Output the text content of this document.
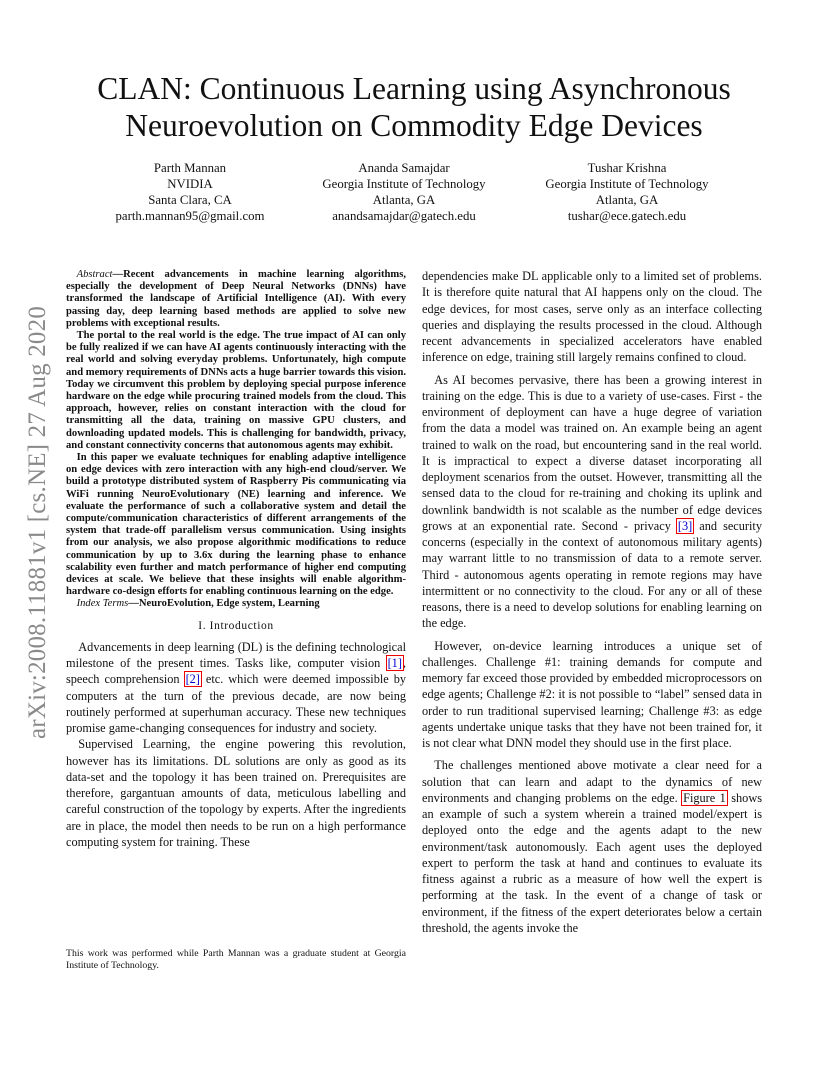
CLAN: Continuous Learning using Asynchronous Neuroevolution on Commodity Edge Devices
Parth Mannan
NVIDIA
Santa Clara, CA
parth.mannan95@gmail.com
Ananda Samajdar
Georgia Institute of Technology
Atlanta, GA
anandsamajdar@gatech.edu
Tushar Krishna
Georgia Institute of Technology
Atlanta, GA
tushar@ece.gatech.edu
arXiv:2008.11881v1 [cs.NE] 27 Aug 2020

Abstract—Recent advancements in machine learning algorithms, especially the development of Deep Neural Networks (DNNs) have transformed the landscape of Artificial Intelligence (AI). With every passing day, deep learning based methods are applied to solve new problems with exceptional results.

The portal to the real world is the edge. The true impact of AI can only be fully realized if we can have AI agents continuously interacting with the real world and solving everyday problems. Unfortunately, high compute and memory requirements of DNNs acts a huge barrier towards this vision. Today we circumvent this problem by deploying special purpose inference hardware on the edge while procuring trained models from the cloud. This approach, however, relies on constant interaction with the cloud for transmitting all the data, training on massive GPU clusters, and downloading updated models. This is challenging for bandwidth, privacy, and constant connectivity concerns that autonomous agents may exhibit.

In this paper we evaluate techniques for enabling adaptive intelligence on edge devices with zero interaction with any high-end cloud/server. We build a prototype distributed system of Raspberry Pis communicating via WiFi running NeuroEvolutionary (NE) learning and inference. We evaluate the performance of such a collaborative system and detail the compute/communication characteristics of different arrangements of the system that trade-off parallelism versus communication. Using insights from our analysis, we also propose algorithmic modifications to reduce communication by up to 3.6x during the learning phase to enhance scalability even further and match performance of higher end computing devices at scale. We believe that these insights will enable algorithm-hardware co-design efforts for enabling continuous learning on the edge.

Index Terms—NeuroEvolution, Edge system, Learning

I. Introduction

Advancements in deep learning (DL) is the defining technological milestone of the present times. Tasks like, computer vision [1], speech comprehension [2] etc. which were deemed impossible by computers at the turn of the previous decade, are now being routinely performed at superhuman accuracy. These new techniques promise game-changing consequences for industry and society.

Supervised Learning, the engine powering this revolution, however has its limitations. DL solutions are only as good as its data-set and the topology it has been trained on. Prerequisites are therefore, gargantuan amounts of data, meticulous labelling and careful construction of the topology by experts. After the ingredients are in place, the model then needs to be run on a high performance computing system for training. These

This work was performed while Parth Mannan was a graduate student at Georgia Institute of Technology.

dependencies make DL applicable only to a limited set of problems. It is therefore quite natural that AI happens only on the cloud. The edge devices, for most cases, serve only as an interface collecting queries and displaying the results processed in the cloud. Although recent advancements in specialized accelerators have enabled inference on edge, training still largely remains confined to cloud.

As AI becomes pervasive, there has been a growing interest in training on the edge. This is due to a variety of use-cases. First - the environment of deployment can have a huge degree of variation from the data a model was trained on. An example being an agent trained to walk on the road, but encountering sand in the real world. It is impractical to expect a diverse dataset incorporating all deployment scenarios from the outset. However, transmitting all the sensed data to the cloud for re-training and choking its uplink and downlink bandwidth is not scalable as the number of edge devices grows at an exponential rate. Second - privacy [3] and security concerns (especially in the context of autonomous military agents) may warrant little to no transmission of data to a remote server. Third - autonomous agents operating in remote regions may have intermittent or no connectivity to the cloud. For any or all of these reasons, there is a need to develop solutions for enabling learning on the edge.

However, on-device learning introduces a unique set of challenges. Challenge #1: training demands for compute and memory far exceed those provided by embedded microprocessors on edge agents; Challenge #2: it is not possible to “label” sensed data in order to run traditional supervised learning; Challenge #3: as edge agents undertake unique tasks that they have not been trained for, it is not clear what DNN model they should use in the first place.

The challenges mentioned above motivate a clear need for a solution that can learn and adapt to the dynamics of new environments and changing problems on the edge. Figure 1 shows an example of such a system wherein a trained model/expert is deployed onto the edge and the agents adapt to the new environment/task autonomously. Each agent uses the deployed expert to perform the task at hand and continues to evaluate its fitness against a rubric as a measure of how well the expert is performing at the task. In the event of a change of task or environment, if the fitness of the expert deteriorates below a certain threshold, the agents invoke the
